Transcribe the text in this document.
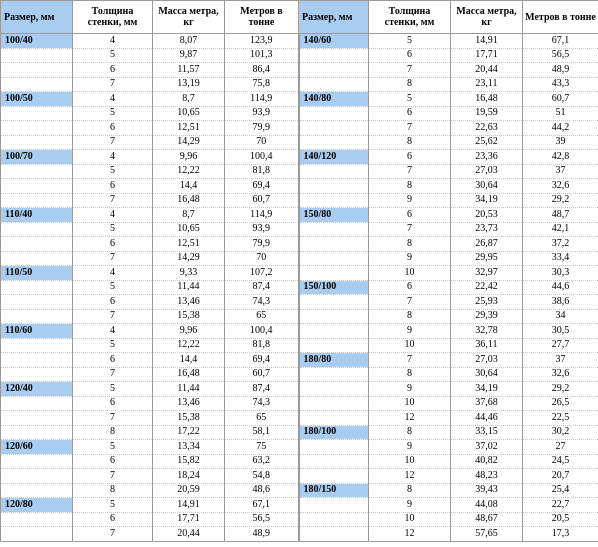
Размер, мм	Толщина стенки, мм	Масса метра, кг	Метров в тонне	Размер, мм	Толщина стенки, мм	Масса метра, кг	Метров в тонне
100/40	4	8,07	123,9	140/60	5	14,91	67,1
	5	9,87	101,3		6	17,71	56,5
	6	11,57	86,4		7	20,44	48,9
	7	13,19	75,8		8	23,11	43,3
100/50	4	8,7	114,9	140/80	5	16,48	60,7
	5	10,65	93,9		6	19,59	51
	6	12,51	79,9		7	22,63	44,2
	7	14,29	70		8	25,62	39
100/70	4	9,96	100,4	140/120	6	23,36	42,8
	5	12,22	81,8		7	27,03	37
	6	14,4	69,4		8	30,64	32,6
	7	16,48	60,7		9	34,19	29,2
110/40	4	8,7	114,9	150/80	6	20,53	48,7
	5	10,65	93,9		7	23,73	42,1
	6	12,51	79,9		8	26,87	37,2
	7	14,29	70		9	29,95	33,4
110/50	4	9,33	107,2		10	32,97	30,3
	5	11,44	87,4	150/100	6	22,42	44,6
	6	13,46	74,3		7	25,93	38,6
	7	15,38	65		8	29,39	34
110/60	4	9,96	100,4		9	32,78	30,5
	5	12,22	81,8		10	36,11	27,7
	6	14,4	69,4	180/80	7	27,03	37
	7	16,48	60,7		8	30,64	32,6
120/40	5	11,44	87,4		9	34,19	29,2
	6	13,46	74,3		10	37,68	26,5
	7	15,38	65		12	44,46	22,5
	8	17,22	58,1	180/100	8	33,15	30,2
120/60	5	13,34	75		9	37,02	27
	6	15,82	63,2		10	40,82	24,5
	7	18,24	54,8		12	48,23	20,7
	8	20,59	48,6	180/150	8	39,43	25,4
120/80	5	14,91	67,1		9	44,08	22,7
	6	17,71	56,5		10	48,67	20,5
	7	20,44	48,9		12	57,65	17,3
